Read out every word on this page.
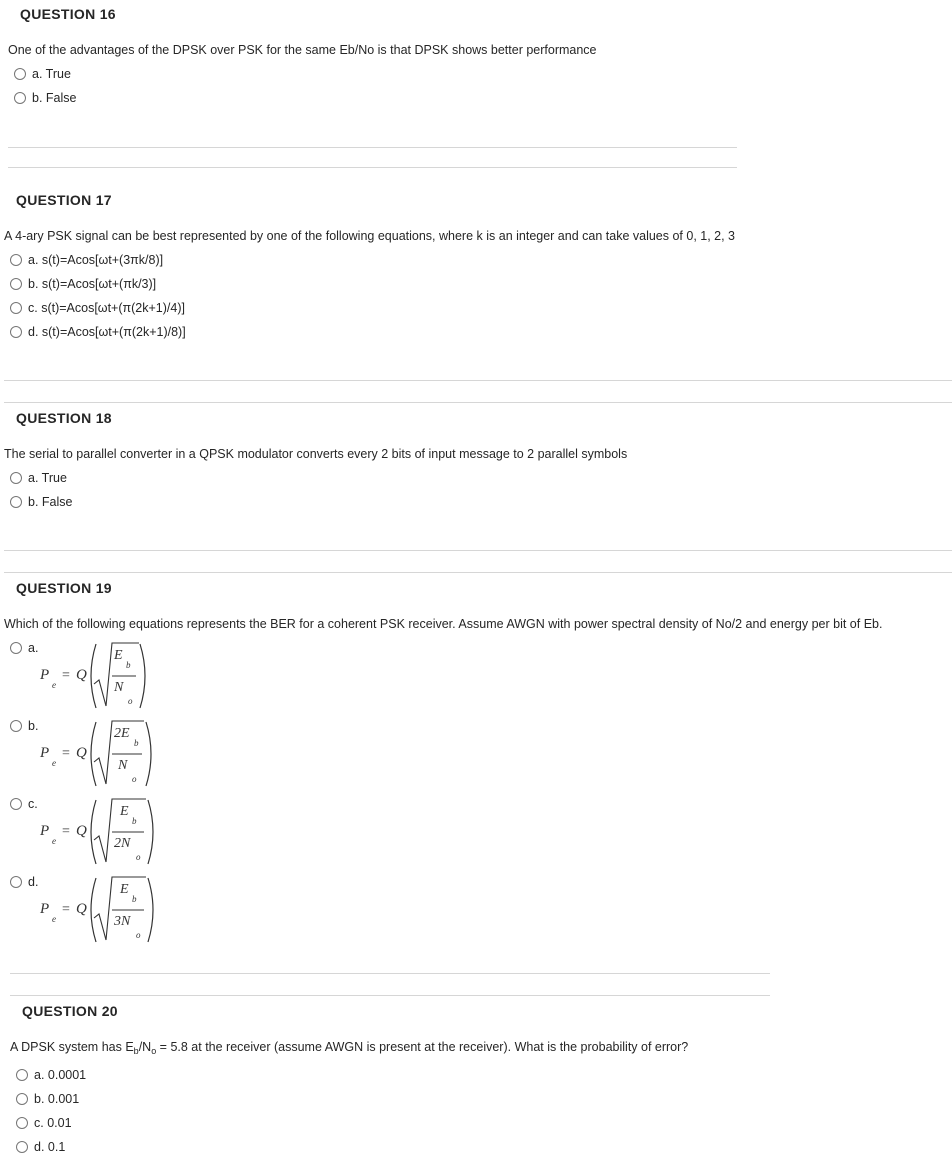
QUESTION 16
One of the advantages of the DPSK over PSK for the same Eb/No is that DPSK shows better performance
a. True
b. False
QUESTION 17
A 4-ary PSK signal can be best represented by one of the following equations, where k is an integer and can take values of 0, 1, 2, 3
a. s(t)=Acos[ωt+(3πk/8)]
b. s(t)=Acos[ωt+(πk/3)]
c. s(t)=Acos[ωt+(π(2k+1)/4)]
d. s(t)=Acos[ωt+(π(2k+1)/8)]
QUESTION 18
The serial to parallel converter in a QPSK modulator converts every 2 bits of input message to 2 parallel symbols
a. True
b. False
QUESTION 19
Which of the following equations represents the BER for a coherent PSK receiver. Assume AWGN with power spectral density of No/2 and energy per bit of Eb.
a.
b.
c.
d.
P
e
= Q
E
b
N
o
P
e
= Q
2E
b
N
o
P
e
= Q
E
b
2N
o
P
e
= Q
E
b
3N
o
QUESTION 20
A DPSK system has $E_b/N_o = 5.8$ at the receiver (assume AWGN is present at the receiver). What is the probability of error?
a. 0.0001
b. 0.001
c. 0.01
d. 0.1
